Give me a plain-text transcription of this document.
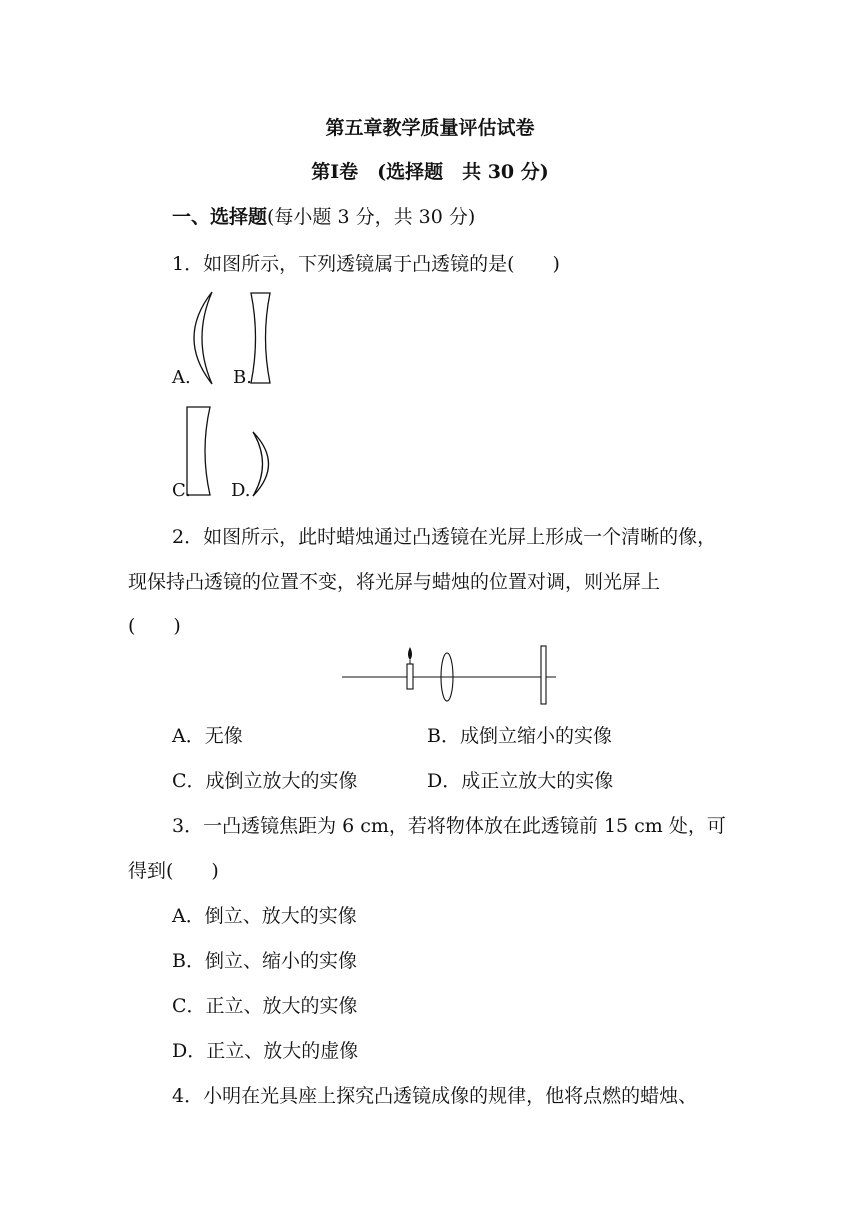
第五章教学质量评估试卷
第Ⅰ卷　(选择题　共 30 分)
一、选择题(每小题 3 分，共 30 分)
1．如图所示，下列透镜属于凸透镜的是(　　)
A. B.
C. D.
2．如图所示，此时蜡烛通过凸透镜在光屏上形成一个清晰的像，
现保持凸透镜的位置不变，将光屏与蜡烛的位置对调，则光屏上
(　　)
A．无像	B．成倒立缩小的实像
C．成倒立放大的实像	D．成正立放大的实像
3．一凸透镜焦距为 6 cm，若将物体放在此透镜前 15 cm 处，可
得到(　　)
A．倒立、放大的实像
B．倒立、缩小的实像
C．正立、放大的实像
D．正立、放大的虚像
4．小明在光具座上探究凸透镜成像的规律，他将点燃的蜡烛、
